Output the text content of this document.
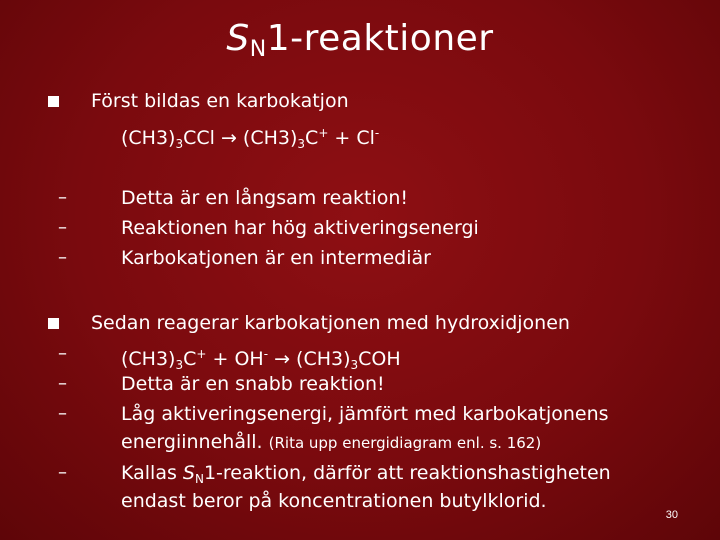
$S_N1$-reaktioner
Först bildas en karbokatjon
$(CH3)_3CCl \to (CH3)_3C^+ + Cl^-$
–	Detta är en långsam reaktion!
–	Reaktionen har hög aktiveringsenergi
–	Karbokatjonen är en intermediär
Sedan reagerar karbokatjonen med hydroxidjonen
–	$(CH3)_3C^+ + OH^- \to (CH3)_3COH$
–	Detta är en snabb reaktion!
–	Låg aktiveringsenergi, jämfört med karbokatjonens
energiinnehåll. (Rita upp energidiagram enl. s. 162)
–	Kallas $S_N1$-reaktion, därför att reaktionshastigheten
endast beror på koncentrationen butylklorid.
30
